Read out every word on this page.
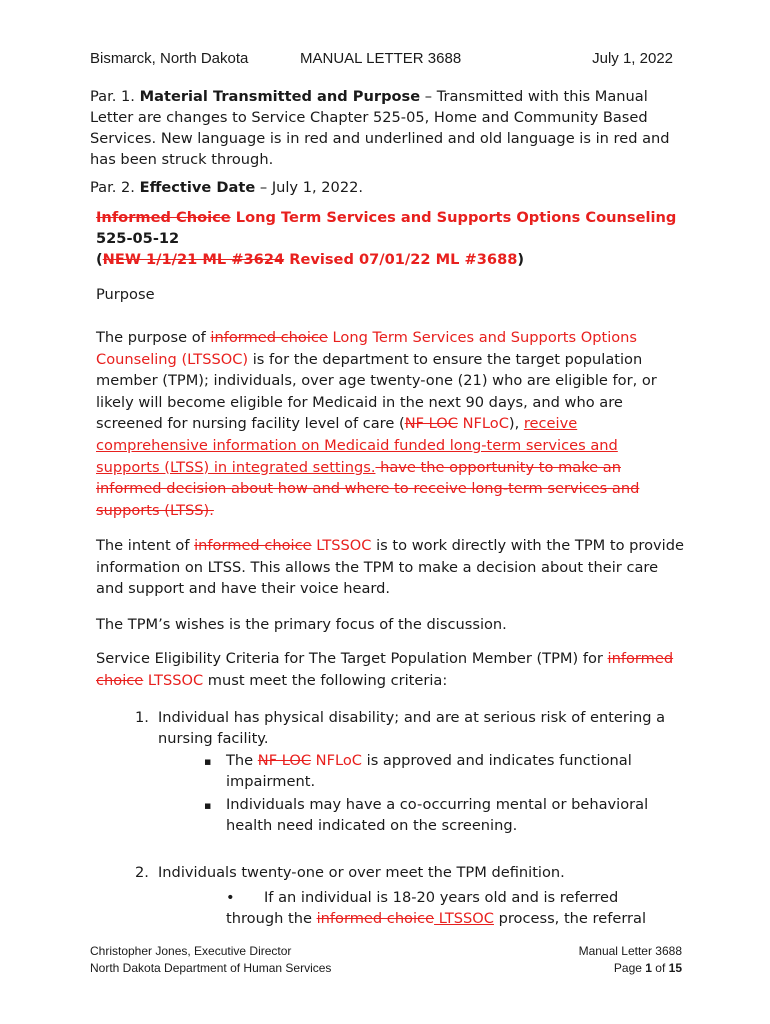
Bismarck, North Dakota	MANUAL LETTER 3688	July 1, 2022

Par. 1. Material Transmitted and Purpose – Transmitted with this Manual Letter are changes to Service Chapter 525-05, Home and Community Based Services. New language is in red and underlined and old language is in red and has been struck through.

Par. 2. Effective Date – July 1, 2022.

Informed Choice Long Term Services and Supports Options Counseling
525-05-12
(NEW 1/1/21 ML #3624 Revised 07/01/22 ML #3688)

Purpose

The purpose of informed choice Long Term Services and Supports Options Counseling (LTSSOC) is for the department to ensure the target population member (TPM); individuals, over age twenty-one (21) who are eligible for, or likely will become eligible for Medicaid in the next 90 days, and who are screened for nursing facility level of care (NF LOC NFLoC), receive comprehensive information on Medicaid funded long-term services and supports (LTSS) in integrated settings. have the opportunity to make an informed decision about how and where to receive long-term services and supports (LTSS).

The intent of informed choice LTSSOC is to work directly with the TPM to provide information on LTSS. This allows the TPM to make a decision about their care and support and have their voice heard.

The TPM’s wishes is the primary focus of the discussion.

Service Eligibility Criteria for The Target Population Member (TPM) for informed choice LTSSOC must meet the following criteria:

1. Individual has physical disability; and are at serious risk of entering a nursing facility.

▪ The NF LOC NFLoC is approved and indicates functional impairment.

▪ Individuals may have a co-occurring mental or behavioral health need indicated on the screening.

2. Individuals twenty-one or over meet the TPM definition.

•	If an individual is 18-20 years old and is referred through the informed choice LTSSOC process, the referral

Christopher Jones, Executive Director
North Dakota Department of Human Services
Manual Letter 3688
Page 1 of 15
